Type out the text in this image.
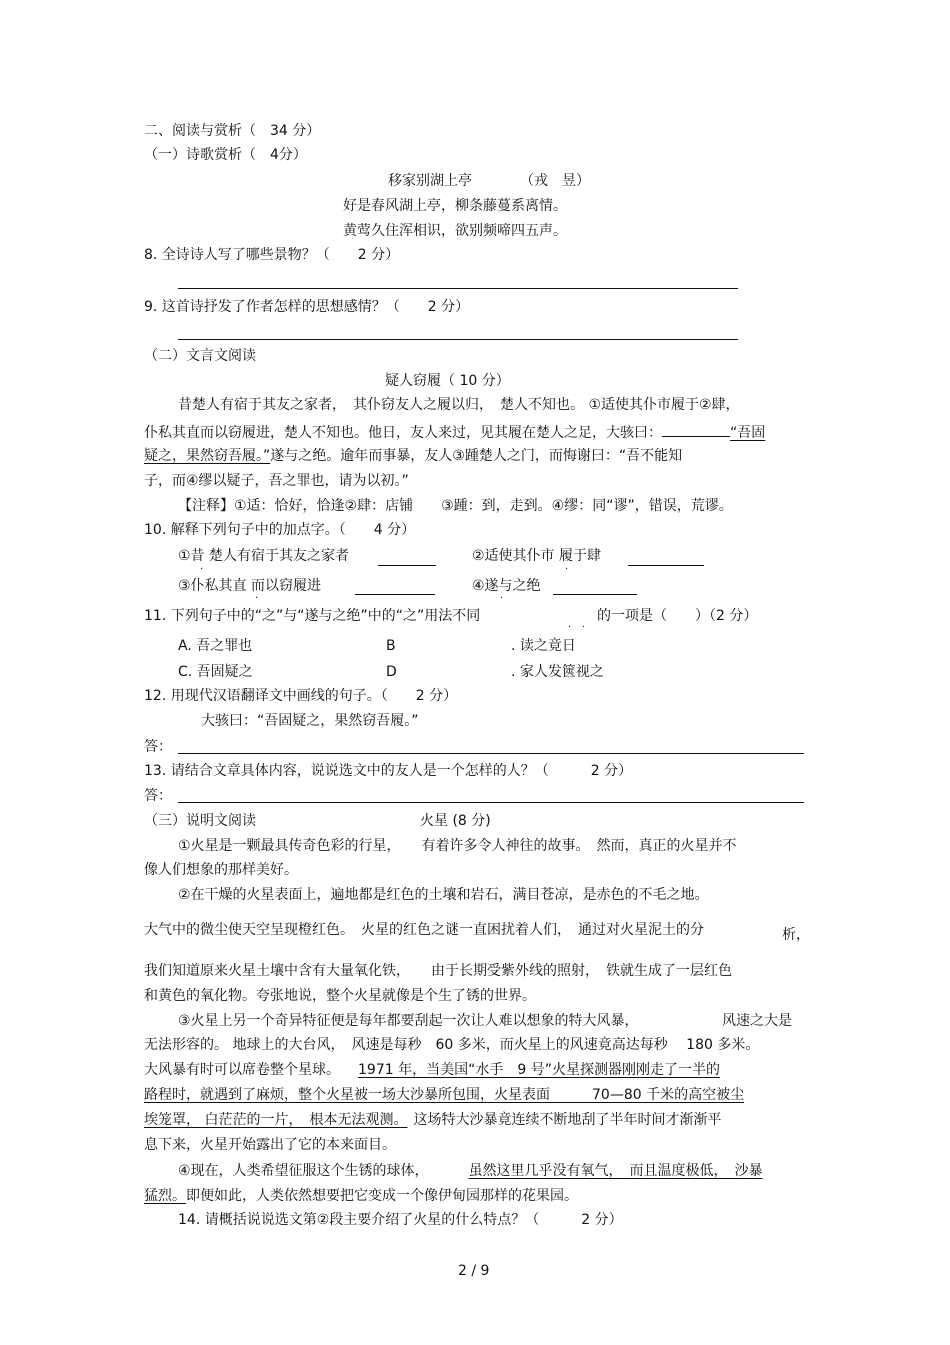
二、阅读与赏析（　34 分）
（一）诗歌赏析（　4分）
移家别湖上亭	（戎　昱）
好是春风湖上亭，柳条藤蔓系离情。
黄莺久住浑相识，欲别频啼四五声。
8. 全诗诗人写了哪些景物？（　　2 分）
9. 这首诗抒发了作者怎样的思想感情？（　　2 分）
（二）文言文阅读
疑人窃履（ 10 分）
昔楚人有宿于其友之家者，　其仆窃友人之履以归，　楚人不知也。 ①适使其仆市履于②肆，
仆私其直而以窃履进，楚人不知也。他日，友人来过，见其履在楚人之足，大骇曰：	“吾固
疑之，果然窃吾履。”遂与之绝。逾年而事暴，友人③踵楚人之门，而悔谢曰：“吾不能知
子，而④缪以疑子，吾之罪也，请为以初。”
【注释】①适：恰好，恰逢②肆：店铺　　③踵：到，走到。④缪：同“谬”，错误，荒谬。
10. 解释下列句子中的加点字。（　　4 分）
①昔 楚人有宿于其友之家者
·
②适使其仆市 履于肆
·
③仆私其直 而以窃履进
·
④遂与之绝
·
11. 下列句子中的“之”与“遂与之绝”中的“之”用法不同
· ·
的一项是（　　）（2 分）
A. 吾之罪也	B	. 读之竟日
C. 吾固疑之	D	. 家人发篋视之
12. 用现代汉语翻译文中画线的句子。（　　2 分）
大骇曰：“吾固疑之，果然窃吾履。”
答：
13. 请结合文章具体内容，说说选文中的友人是一个怎样的人？（　　　2 分）
答：
（三）说明文阅读	火星 (8 分)
①火星是一颗最具传奇色彩的行星，　　有着许多令人神往的故事。　然而，真正的火星并不
像人们想象的那样美好。
②在干燥的火星表面上，遍地都是红色的土壤和岩石，满目苍凉，是赤色的不毛之地。
大气中的微尘使天空呈现橙红色。　火星的红色之谜一直困扰着人们，　通过对火星泥土的分	析，
我们知道原来火星土壤中含有大量氧化铁，　　由于长期受紫外线的照射，　铁就生成了一层红色
和黄色的氧化物。夸张地说，整个火星就像是个生了锈的世界。
③火星上另一个奇异特征便是每年都要刮起一次让人难以想象的特大风暴，	风速之大是
无法形容的。 地球上的大台风，　风速是每秒　60 多米，而火星上的风速竟高达每秒　 180 多米。
大风暴有时可以席卷整个星球。 1971 年，当美国“水手　9 号”火星探测器刚刚走了一半的
路程时，就遇到了麻烦，整个火星被一场大沙暴所包围，火星表面　　　70—80 千米的高空被尘
埃笼罩， 白茫茫的一片，　根本无法观测。 这场特大沙暴竟连续不断地刮了半年时间才渐渐平
息下来，火星开始露出了它的本来面目。
④现在，人类希望征服这个生锈的球体，	虽然这里几乎没有氧气，　而且温度极低，　沙暴
猛烈。即便如此，人类依然想要把它变成一个像伊甸园那样的花果园。
14. 请概括说说选文第②段主要介绍了火星的什么特点？（　　　2 分）
2 / 9
